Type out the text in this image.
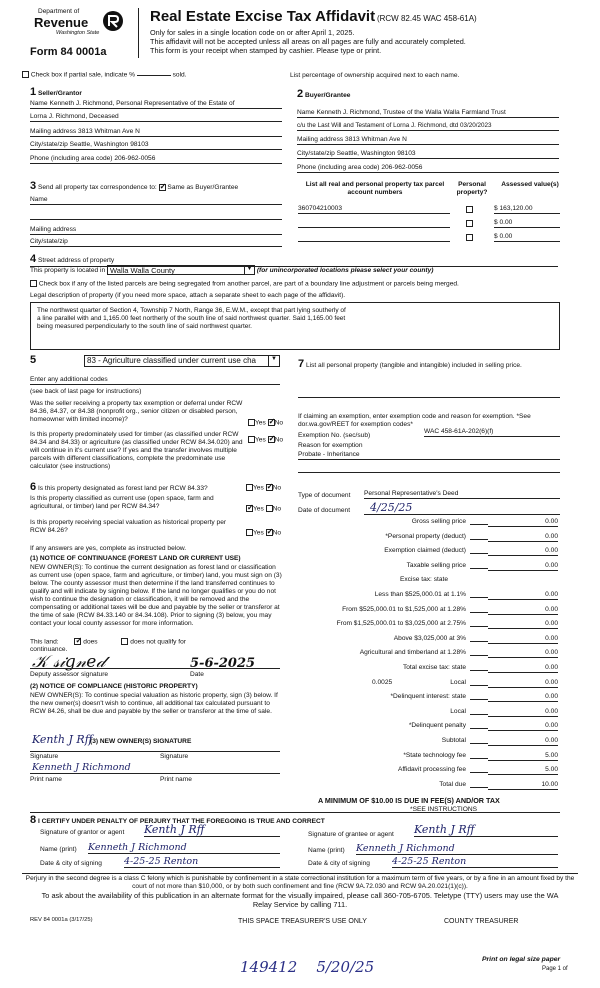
Department of
Revenue
Washington State
Form 84 0001a
Real Estate Excise Tax Affidavit (RCW 82.45 WAC 458-61A)
Only for sales in a single location code on or after April 1, 2025.
This affidavit will not be accepted unless all areas on all pages are fully and accurately completed.
This form is your receipt when stamped by cashier. Please type or print.
Check box if partial sale, indicate %	sold.	List percentage of ownership acquired next to each name.
1 Seller/Grantor
Name Kenneth J. Richmond, Personal Representative of the Estate of
Lorna J. Richmond, Deceased
Mailing address 3813 Whitman Ave N
City/state/zip Seattle, Washington 98103
Phone (including area code) 206-962-0056
2 Buyer/Grantee
Name Kenneth J. Richmond, Trustee of the Walla Walla Farmland Trust
c/u the Last Will and Testament of Lorna J. Richmond, dtd 03/20/2023
Mailing address 3813 Whitman Ave N
City/state/zip Seattle, Washington 98103
Phone (including area code) 206-962-0056
3 Send all property tax correspondence to: ✓ Same as Buyer/Grantee
Name
Mailing address
City/state/zip
List all real and personal property tax parcel account numbers
Personal property?
Assessed value(s)
360704210003	$ 163,120.00
$ 0.00
$ 0.00
4 Street address of property
This property is located in Walla Walla County	▼ (for unincorporated locations please select your county)
Check box if any of the listed parcels are being segregated from another parcel, are part of a boundary line adjustment or parcels being merged.
Legal description of property (if you need more space, attach a separate sheet to each page of the affidavit).
The northwest quarter of Section 4, Township 7 North, Range 36, E.W.M., except that part lying southerly of a line parallel with and 1,165.00 feet northerly of the south line of said northwest quarter. Said 1,165.00 feet being measured perpendicularly to the south line of said northwest quarter.
5	83 - Agriculture classified under current use cha	▼
Enter any additional codes
(see back of last page for instructions)
Was the seller receiving a property tax exemption or deferral under RCW 84.36, 84.37, or 84.38 (nonprofit org., senior citizen or disabled person, homeowner with limited income)?	Yes ✓ No
Is this property predominately used for timber (as classified under RCW 84.34 and 84.33) or agriculture (as classified under RCW 84.34.020) and will continue in it's current use? If yes and the transfer involves multiple parcels with different classifications, complete the predominate use calculator (see instructions)
Yes ✓ No
6 Is this property designated as forest land per RCW 84.33?	Yes ✓ No
Is this property classified as current use (open space, farm and agricultural, or timber) land per RCW 84.34? ✓	Yes No
Is this property receiving special valuation as historical property per RCW 84.26?	Yes ✓ No
If any answers are yes, complete as instructed below.
(1) NOTICE OF CONTINUANCE (FOREST LAND OR CURRENT USE)
NEW OWNER(S): To continue the current designation as forest land or classification as current use (open space, farm and agriculture, or timber) land, you must sign on (3) below. The county assessor must then determine if the land transferred continues to qualify and will indicate by signing below. If the land no longer qualifies or you do not wish to continue the designation or classification, it will be removed and the compensating or additional taxes will be due and payable by the seller or transferor at the time of sale (RCW 84.33.140 or 84.34.108). Prior to signing (3) below, you may contact your local county assessor for more information.
This land: ✓	does	does not qualify for
continuance.
𝒦 𝓈𝒾𝑔𝓃𝑒𝒹	5-6-2025
Deputy assessor signature	Date
(2) NOTICE OF COMPLIANCE (HISTORIC PROPERTY)
NEW OWNER(S): To continue special valuation as historic property, sign (3) below. If the new owner(s) doesn't wish to continue, all additional tax calculated pursuant to RCW 84.26, shall be due and payable by the seller or transferor at the time of sale.
Kenth J Rff
(3) NEW OWNER(S) SIGNATURE
Signature	Signature
Kenneth J Richmond
Print name	Print name
7 List all personal property (tangible and intangible) included in selling price.
If claiming an exemption, enter exemption code and reason for exemption. *See dor.wa.gov/REET for exemption codes*
Exemption No. (sec/sub)
WAC 458-61A-202(6)(f)
Reason for exemption
Probate - Inheritance
Type of document Personal Representative's Deed
Date of document	4/25/25
Gross selling price	0.00
*Personal property (deduct)	0.00
Exemption claimed (deduct)	0.00
Taxable selling price	0.00
Excise tax: state
Less than $525,000.01 at 1.1%	0.00
From $525,000.01 to $1,525,000 at 1.28%	0.00
From $1,525,000.01 to $3,025,000 at 2.75%	0.00
Above $3,025,000 at 3%	0.00
Agricultural and timberland at 1.28%	0.00
Total excise tax: state	0.00
Local
0.0025	0.00
*Delinquent interest: state	0.00
Local	0.00
*Delinquent penalty	0.00
Subtotal	0.00
*State technology fee	5.00
Affidavit processing fee	5.00
Total due	10.00
A MINIMUM OF $10.00 IS DUE IN FEE(S) AND/OR TAX
*SEE INSTRUCTIONS
8 I CERTIFY UNDER PENALTY OF PERJURY THAT THE FOREGOING IS TRUE AND CORRECT
Signature of grantor or agent Kenth J Rff
Name (print) Kenneth J Richmond
Date & city of signing 4-25-25 Renton
Signature of grantee or agent Kenth J Rff
Name (print) Kenneth J Richmond
Date & city of signing 4-25-25 Renton
Perjury in the second degree is a class C felony which is punishable by confinement in a state correctional institution for a maximum term of five years, or by a fine in an amount fixed by the court of not more than $10,000, or by both such confinement and fine (RCW 9A.72.030 and RCW 9A.20.021(1)(c)).
To ask about the availability of this publication in an alternate format for the visually impaired, please call 360-705-6705. Teletype (TTY) users may use the WA Relay Service by calling 711.
REV 84 0001a (3/17/25)	THIS SPACE TREASURER'S USE ONLY	COUNTY TREASURER
149412    5/20/25	Print on legal size paper
Page 1 of
